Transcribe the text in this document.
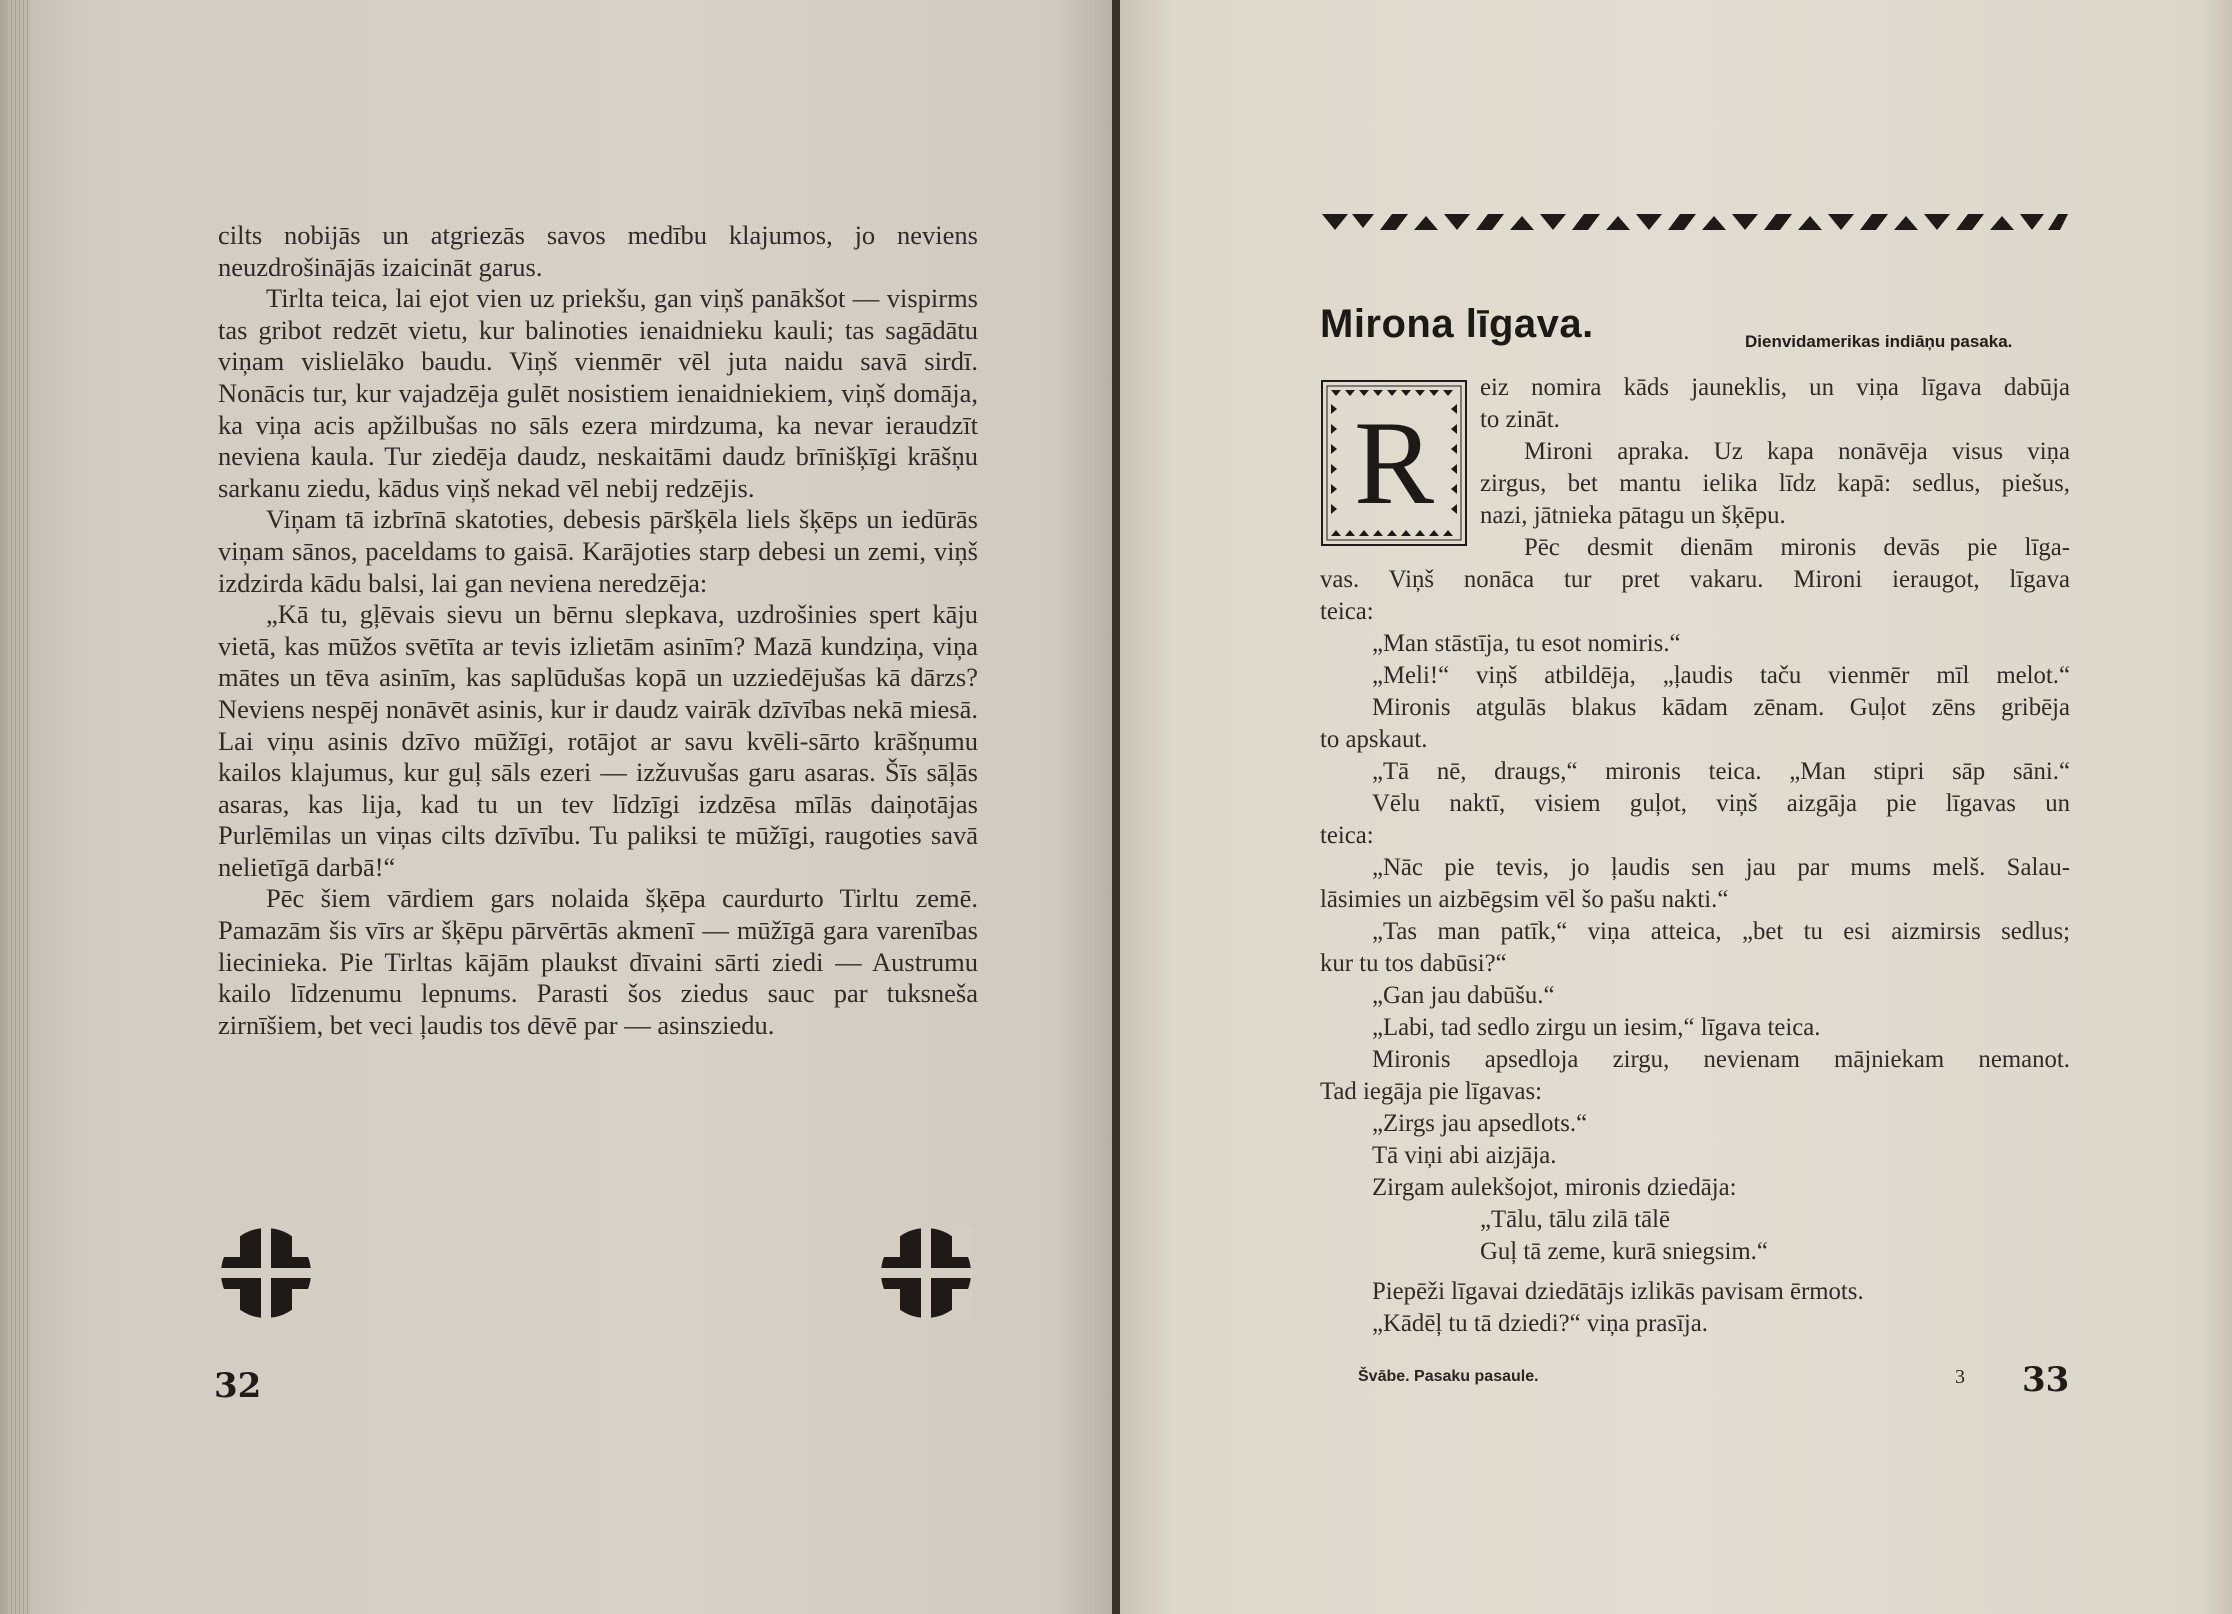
cilts nobijās un atgriezās savos medību klajumos, jo neviens neuzdrošinājās izaicināt garus.

Tirlta teica, lai ejot vien uz priekšu, gan viņš panākšot — vispirms tas gribot redzēt vietu, kur balinoties ienaidnieku kauli; tas sagādātu viņam vislielāko baudu. Viņš vienmēr vēl juta naidu savā sirdī. Nonācis tur, kur vajadzēja gulēt nosistiem ienaidniekiem, viņš domāja, ka viņa acis apžilbušas no sāls ezera mirdzuma, ka nevar ieraudzīt neviena kaula. Tur ziedēja daudz, neskaitāmi daudz brīnišķīgi krāšņu sarkanu ziedu, kādus viņš nekad vēl nebij redzējis.

Viņam tā izbrīnā skatoties, debesis pāršķēla liels šķēps un iedūrās viņam sānos, paceldams to gaisā. Karājoties starp debesi un zemi, viņš izdzirda kādu balsi, lai gan neviena neredzēja:

„Kā tu, gļēvais sievu un bērnu slepkava, uzdrošinies spert kāju vietā, kas mūžos svētīta ar tevis izlietām asinīm? Mazā kundziņa, viņa mātes un tēva asinīm, kas saplūdušas kopā un uzziedējušas kā dārzs? Neviens nespēj nonāvēt asinis, kur ir daudz vairāk dzīvības nekā miesā. Lai viņu asinis dzīvo mūžīgi, rotājot ar savu kvēli-sārto krāšņumu kailos klajumus, kur guļ sāls ezeri — izžuvušas garu asaras. Šīs sāļās asaras, kas lija, kad tu un tev līdzīgi izdzēsa mīlās daiņotājas Purlēmilas un viņas cilts dzīvību. Tu paliksi te mūžīgi, raugoties savā nelietīgā darbā!“

Pēc šiem vārdiem gars nolaida šķēpa caurdurto Tirltu zemē. Pamazām šis vīrs ar šķēpu pārvērtās akmenī — mūžīgā gara varenības liecinieka. Pie Tirltas kājām plaukst dīvaini sārti ziedi — Austrumu kailo līdzenumu lepnums. Parasti šos ziedus sauc par tuksneša zirnīšiem, bet veci ļaudis tos dēvē par — asinsziedu.

32
Mirona līgava.	Dienvidamerikas indiāņu pasaka.
R
eiz nomira kāds jauneklis, un viņa līgava dabūja
to zināt.
Mironi apraka. Uz kapa nonāvēja visus viņa
zirgus, bet mantu ielika līdz kapā: sedlus, piešus,
nazi, jātnieka pātagu un šķēpu.
Pēc desmit dienām mironis devās pie līga-
vas. Viņš nonāca tur pret vakaru. Mironi ieraugot, līgava
teica:
„Man stāstīja, tu esot nomiris.“
„Meli!“ viņš atbildēja, „ļaudis taču vienmēr mīl melot.“
Mironis atgulās blakus kādam zēnam. Guļot zēns gribēja
to apskaut.
„Tā nē, draugs,“ mironis teica. „Man stipri sāp sāni.“
Vēlu naktī, visiem guļot, viņš aizgāja pie līgavas un
teica:
„Nāc pie tevis, jo ļaudis sen jau par mums melš. Salau-
lāsimies un aizbēgsim vēl šo pašu nakti.“
„Tas man patīk,“ viņa atteica, „bet tu esi aizmirsis sedlus;
kur tu tos dabūsi?“
„Gan jau dabūšu.“
„Labi, tad sedlo zirgu un iesim,“ līgava teica.
Mironis apsedloja zirgu, nevienam mājniekam nemanot.
Tad iegāja pie līgavas:
„Zirgs jau apsedlots.“
Tā viņi abi aizjāja.
Zirgam aulekšojot, mironis dziedāja:
„Tālu, tālu zilā tālē
Guļ tā zeme, kurā sniegsim.“
Piepēži līgavai dziedātājs izlikās pavisam ērmots.
„Kādēļ tu tā dziedi?“ viņa prasīja.
Švābe. Pasaku pasaule.	3 33
